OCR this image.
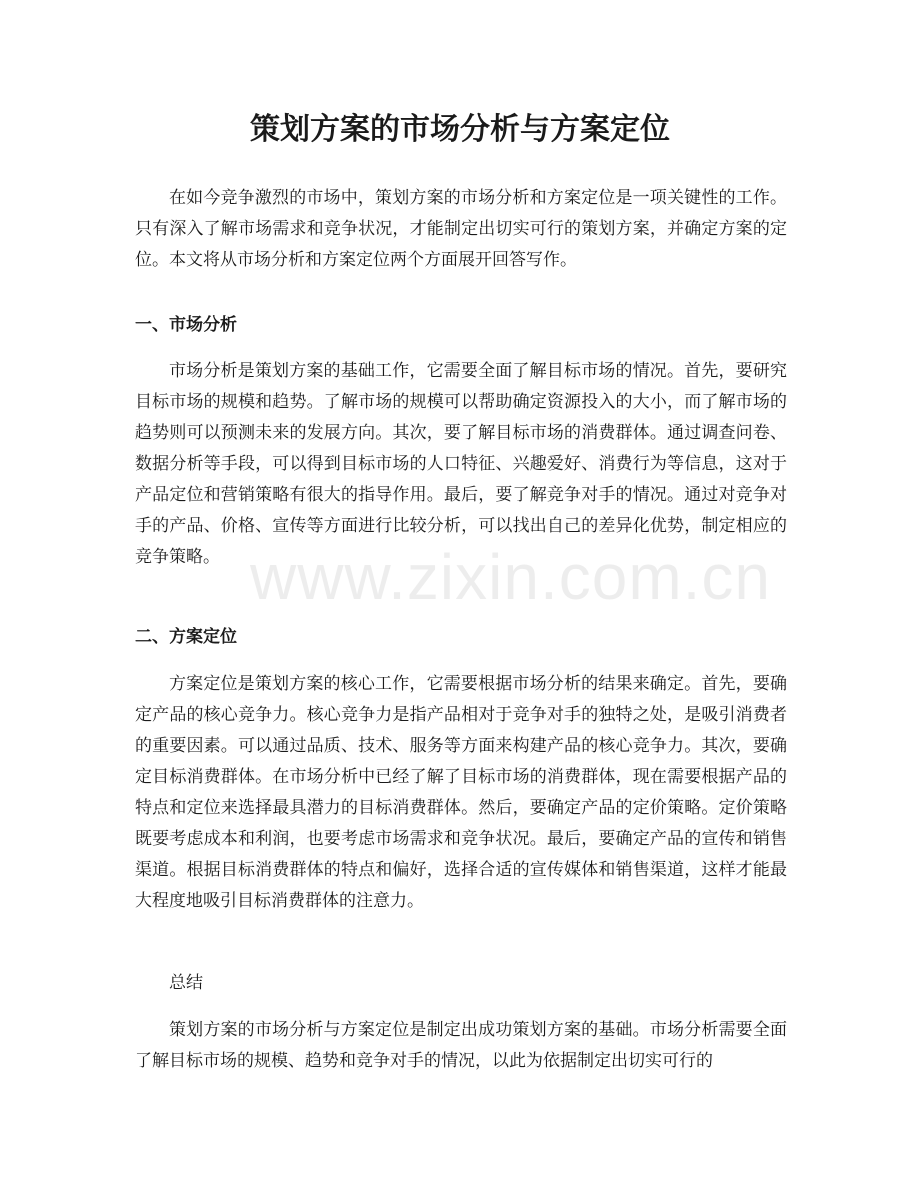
策划方案的市场分析与方案定位

在如今竞争激烈的市场中，策划方案的市场分析和方案定位是一项关键性的工作。只有深入了解市场需求和竞争状况，才能制定出切实可行的策划方案，并确定方案的定位。本文将从市场分析和方案定位两个方面展开回答写作。

一、市场分析

市场分析是策划方案的基础工作，它需要全面了解目标市场的情况。首先，要研究目标市场的规模和趋势。了解市场的规模可以帮助确定资源投入的大小，而了解市场的趋势则可以预测未来的发展方向。其次，要了解目标市场的消费群体。通过调查问卷、数据分析等手段，可以得到目标市场的人口特征、兴趣爱好、消费行为等信息，这对于产品定位和营销策略有很大的指导作用。最后，要了解竞争对手的情况。通过对竞争对手的产品、价格、宣传等方面进行比较分析，可以找出自己的差异化优势，制定相应的竞争策略。

二、方案定位

方案定位是策划方案的核心工作，它需要根据市场分析的结果来确定。首先，要确定产品的核心竞争力。核心竞争力是指产品相对于竞争对手的独特之处，是吸引消费者的重要因素。可以通过品质、技术、服务等方面来构建产品的核心竞争力。其次，要确定目标消费群体。在市场分析中已经了解了目标市场的消费群体，现在需要根据产品的特点和定位来选择最具潜力的目标消费群体。然后，要确定产品的定价策略。定价策略既要考虑成本和利润，也要考虑市场需求和竞争状况。最后，要确定产品的宣传和销售渠道。根据目标消费群体的特点和偏好，选择合适的宣传媒体和销售渠道，这样才能最大程度地吸引目标消费群体的注意力。

总结

策划方案的市场分析与方案定位是制定出成功策划方案的基础。市场分析需要全面了解目标市场的规模、趋势和竞争对手的情况，以此为依据制定出切实可行的

www.zixin.com.cn
